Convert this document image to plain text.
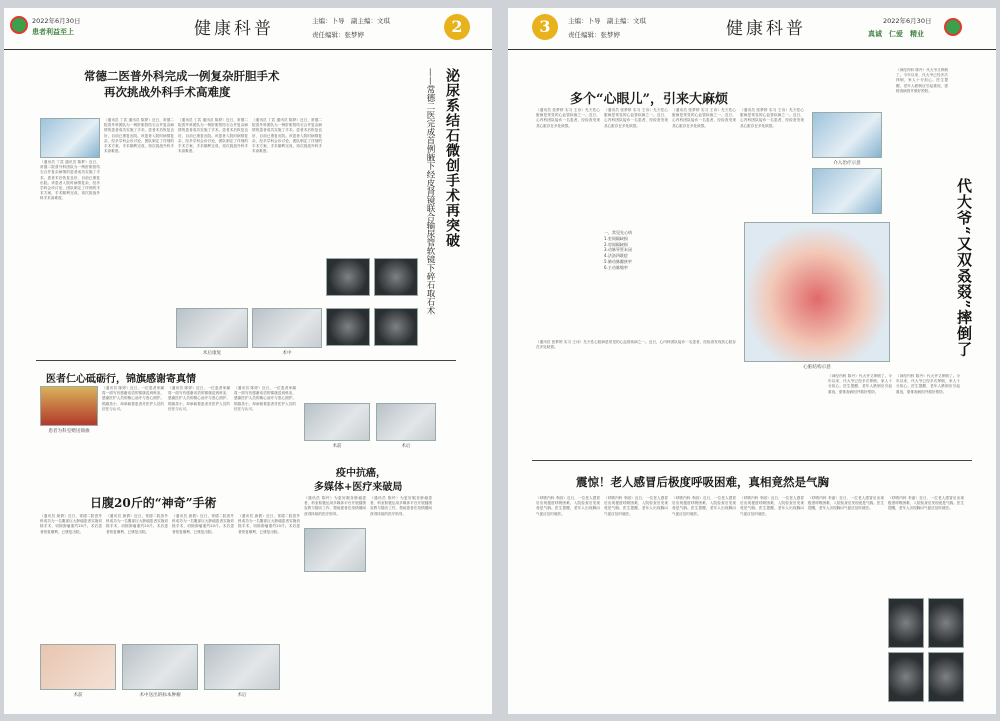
2022年6月30日
患者利益至上	健康科普	主编：卜导　副主编：文琪
责任编辑：张梦婷	2
常德二医普外科完成一例复杂肝胆手术
再次挑战外科手术高难度
（通讯员 丁武 通讯员 陈梦）近日，常德二院普外科团队为一例肝胆管结石合并复杂病情的患者成功实施了手术。患者术后恢复良好，目前已康复出院。该患者入院时病情复杂，经多学科会诊讨论，团队制定了详细的手术方案，手术顺利完成，再次挑战外科手术高难度。
（通讯员 丁武 通讯员 陈梦）近日，常德二院普外科团队为一例肝胆管结石合并复杂病情的患者成功实施了手术。患者术后恢复良好，目前已康复出院。该患者入院时病情复杂，经多学科会诊讨论，团队制定了详细的手术方案，手术顺利完成，再次挑战外科手术高难度。
（通讯员 丁武 通讯员 陈梦）近日，常德二院普外科团队为一例肝胆管结石合并复杂病情的患者成功实施了手术。患者术后恢复良好，目前已康复出院。该患者入院时病情复杂，经多学科会诊讨论，团队制定了详细的手术方案，手术顺利完成，再次挑战外科手术高难度。
（通讯员 丁武 通讯员 陈梦）近日，常德二院普外科团队为一例肝胆管结石合并复杂病情的患者成功实施了手术。患者术后恢复良好，目前已康复出院。该患者入院时病情复杂，经多学科会诊讨论，团队制定了详细的手术方案，手术顺利完成，再次挑战外科手术高难度。
术后康复	术中
泌尿系结石微创手术再突破
——常德二医完成首例腋下经皮肾镜联合输尿管软镜下碎石取石术
术后
术前
医者仁心砥砺行，锦旗感谢寄真情
患者为科室赠送锦旗
（通讯员 陈婷）近日，一位患者家属将一面写有感谢话语的锦旗送到科室，感谢医护人员的精心治疗与悉心照护。锦旗虽小，却承载着患者对医护人员的信任与认可。
（通讯员 陈婷）近日，一位患者家属将一面写有感谢话语的锦旗送到科室，感谢医护人员的精心治疗与悉心照护。锦旗虽小，却承载着患者对医护人员的信任与认可。
（通讯员 陈婷）近日，一位患者家属将一面写有感谢话语的锦旗送到科室，感谢医护人员的精心治疗与悉心照护。锦旗虽小，却承载着患者对医护人员的信任与认可。
疫中抗癌，
多媒体+医疗来破局
（通讯员 陈玲）为更好服务肿瘤患者，科室积极运用多媒体平台开展健康宣教与随访工作，帮助患者在疫情期间获得持续的医疗指导。
（通讯员 陈玲）为更好服务肿瘤患者，科室积极运用多媒体平台开展健康宣教与随访工作，帮助患者在疫情期间获得持续的医疗指导。
日腹20斤的“神奇”手術
（通讯员 唐倩）近日，常德二院普外科成功为一名腹部巨大肿瘤患者实施切除手术，切除肿瘤重约20斤。术后患者恢复顺利，已康复出院。
（通讯员 唐倩）近日，常德二院普外科成功为一名腹部巨大肿瘤患者实施切除手术，切除肿瘤重约20斤。术后患者恢复顺利，已康复出院。
（通讯员 唐倩）近日，常德二院普外科成功为一名腹部巨大肿瘤患者实施切除手术，切除肿瘤重约20斤。术后患者恢复顺利，已康复出院。
（通讯员 唐倩）近日，常德二院普外科成功为一名腹部巨大肿瘤患者实施切除手术，切除肿瘤重约20斤。术后患者恢复顺利，已康复出院。
术前	术中送出的标本肿瘤	术后
3	主编：卜导　副主编：文琪
责任编辑：张梦婷	健康科普	2022年6月30日
真诚　仁爱　精业
多个“心眼儿”，引来大麻烦
（通讯员 张梦婷 实习 王诗）先天性心脏病是常见的心血管疾病之一。近日，心内科团队接诊一名患者，经检查发现其心脏存在多处缺损。
（通讯员 张梦婷 实习 王诗）先天性心脏病是常见的心血管疾病之一。近日，心内科团队接诊一名患者，经检查发现其心脏存在多处缺损。
一、常见先心病
1.室间隔缺损
2.房间隔缺损
3.动脉导管未闭
4.法洛四联症
5.肺动脉瓣狭窄
6.主动脉缩窄
（通讯员 张梦婷 实习 王诗）先天性心脏病是常见的心血管疾病之一。近日，心内科团队接诊一名患者，经检查发现其心脏存在多处缺损。
（通讯员 张梦婷 实习 王诗）先天性心脏病是常见的心血管疾病之一。近日，心内科团队接诊一名患者，经检查发现其心脏存在多处缺损。
介入治疗示意
心脏结构示意
（通讯员 张梦婷 实习 王诗）先天性心脏病是常见的心血管疾病之一。近日，心内科团队接诊一名患者，经检查发现其心脏存在多处缺损。	代大爷“又双叒叕”摔倒了
（神经内科 陈丹）代大爷又摔倒了。今年以来，代大爷已经多次摔倒，家人十分担心。医生提醒，老年人跌倒应引起重视，需排查病因并做好预防。
（神经内科 陈丹）代大爷又摔倒了。今年以来，代大爷已经多次摔倒，家人十分担心。医生提醒，老年人跌倒应引起重视，需排查病因并做好预防。
（神经内科 陈丹）代大爷又摔倒了。今年以来，代大爷已经多次摔倒，家人十分担心。医生提醒，老年人跌倒应引起重视，需排查病因并做好预防。
震惊！老人感冒后极度呼吸困难，真相竟然是气胸
（呼吸内科 李丽）近日，一位老人感冒后出现极度呼吸困难，入院检查后发现竟是气胸。医生提醒，老年人出现胸闷气促应及时就医。
（呼吸内科 李丽）近日，一位老人感冒后出现极度呼吸困难，入院检查后发现竟是气胸。医生提醒，老年人出现胸闷气促应及时就医。
（呼吸内科 李丽）近日，一位老人感冒后出现极度呼吸困难，入院检查后发现竟是气胸。医生提醒，老年人出现胸闷气促应及时就医。
（呼吸内科 李丽）近日，一位老人感冒后出现极度呼吸困难，入院检查后发现竟是气胸。医生提醒，老年人出现胸闷气促应及时就医。
（呼吸内科 李丽）近日，一位老人感冒后出现极度呼吸困难，入院检查后发现竟是气胸。医生提醒，老年人出现胸闷气促应及时就医。
（呼吸内科 李丽）近日，一位老人感冒后出现极度呼吸困难，入院检查后发现竟是气胸。医生提醒，老年人出现胸闷气促应及时就医。
